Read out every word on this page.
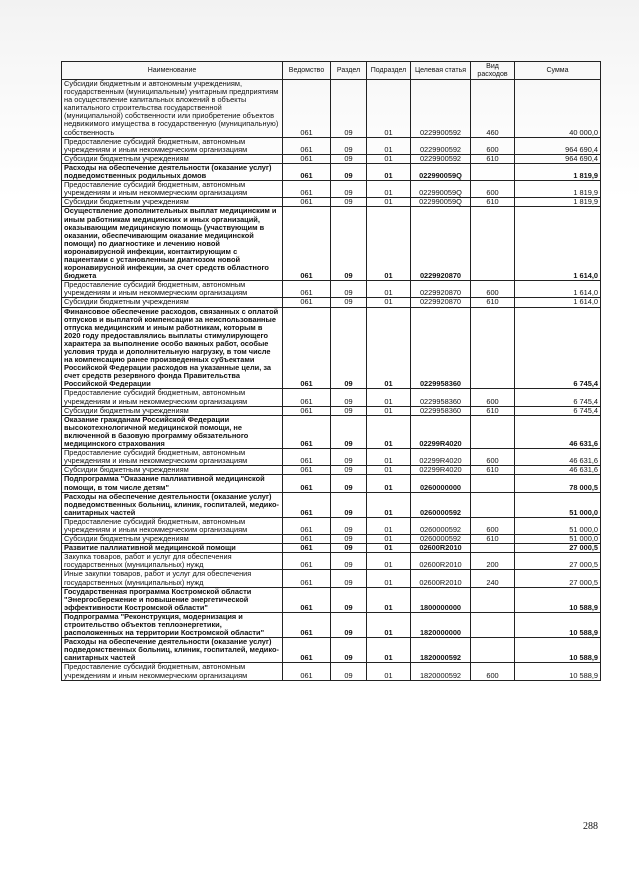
Наименование	Ведомство	Раздел	Подраздел	Целевая статья	Вид расходов	Сумма
Субсидии бюджетным и автономным учреждениям, государственным (муниципальным) унитарным предприятиям на осуществление капитальных вложений в объекты капитального строительства государственной (муниципальной) собственности или приобретение объектов недвижимого имущества в государственную (муниципальную) собственность	061	09	01	0229900592	460	40 000,0
Предоставление субсидий бюджетным, автономным учреждениям и иным некоммерческим организациям	061	09	01	0229900592	600	964 690,4
Субсидии бюджетным учреждениям	061	09	01	0229900592	610	964 690,4
Расходы на обеспечение деятельности (оказание услуг) подведомственных родильных домов	061	09	01	022990059Q		1 819,9
Предоставление субсидий бюджетным, автономным учреждениям и иным некоммерческим организациям	061	09	01	022990059Q	600	1 819,9
Субсидии бюджетным учреждениям	061	09	01	022990059Q	610	1 819,9
Осуществление дополнительных выплат медицинским и иным работникам медицинских и иных организаций, оказывающим медицинскую помощь (участвующим в оказании, обеспечивающим оказание медицинской помощи) по диагностике и лечению новой коронавирусной инфекции, контактирующим с пациентами с установленным диагнозом новой коронавирусной инфекции, за счет средств областного бюджета	061	09	01	0229920870		1 614,0
Предоставление субсидий бюджетным, автономным учреждениям и иным некоммерческим организациям	061	09	01	0229920870	600	1 614,0
Субсидии бюджетным учреждениям	061	09	01	0229920870	610	1 614,0
Финансовое обеспечение расходов, связанных с оплатой отпусков и выплатой компенсации за неиспользованные отпуска медицинским и иным работникам, которым в 2020 году предоставлялись выплаты стимулирующего характера за выполнение особо важных работ, особые условия труда и дополнительную нагрузку, в том числе на компенсацию ранее произведенных субъектами Российской Федерации расходов на указанные цели, за счет средств резервного фонда Правительства Российской Федерации	061	09	01	0229958360		6 745,4
Предоставление субсидий бюджетным, автономным учреждениям и иным некоммерческим организациям	061	09	01	0229958360	600	6 745,4
Субсидии бюджетным учреждениям	061	09	01	0229958360	610	6 745,4
Оказание гражданам Российской Федерации высокотехнологичной медицинской помощи, не включенной в базовую программу обязательного медицинского страхования	061	09	01	02299R4020		46 631,6
Предоставление субсидий бюджетным, автономным учреждениям и иным некоммерческим организациям	061	09	01	02299R4020	600	46 631,6
Субсидии бюджетным учреждениям	061	09	01	02299R4020	610	46 631,6
Подпрограмма "Оказание паллиативной медицинской помощи, в том числе детям"	061	09	01	0260000000		78 000,5
Расходы на обеспечение деятельности (оказание услуг) подведомственных больниц, клиник, госпиталей, медико-санитарных частей	061	09	01	0260000592		51 000,0
Предоставление субсидий бюджетным, автономным учреждениям и иным некоммерческим организациям	061	09	01	0260000592	600	51 000,0
Субсидии бюджетным учреждениям	061	09	01	0260000592	610	51 000,0
Развитие паллиативной медицинской помощи	061	09	01	02600R2010		27 000,5
Закупка товаров, работ и услуг для обеспечения государственных (муниципальных) нужд	061	09	01	02600R2010	200	27 000,5
Иные закупки товаров, работ и услуг для обеспечения государственных (муниципальных) нужд	061	09	01	02600R2010	240	27 000,5
Государственная программа Костромской области "Энергосбережение и повышение энергетической эффективности Костромской области"	061	09	01	1800000000		10 588,9
Подпрограмма "Реконструкция, модернизация и строительство объектов теплоэнергетики, расположенных на территории Костромской области"	061	09	01	1820000000		10 588,9
Расходы на обеспечение деятельности (оказание услуг) подведомственных больниц, клиник, госпиталей, медико-санитарных частей	061	09	01	1820000592		10 588,9
Предоставление субсидий бюджетным, автономным учреждениям и иным некоммерческим организациям	061	09	01	1820000592	600	10 588,9
288
